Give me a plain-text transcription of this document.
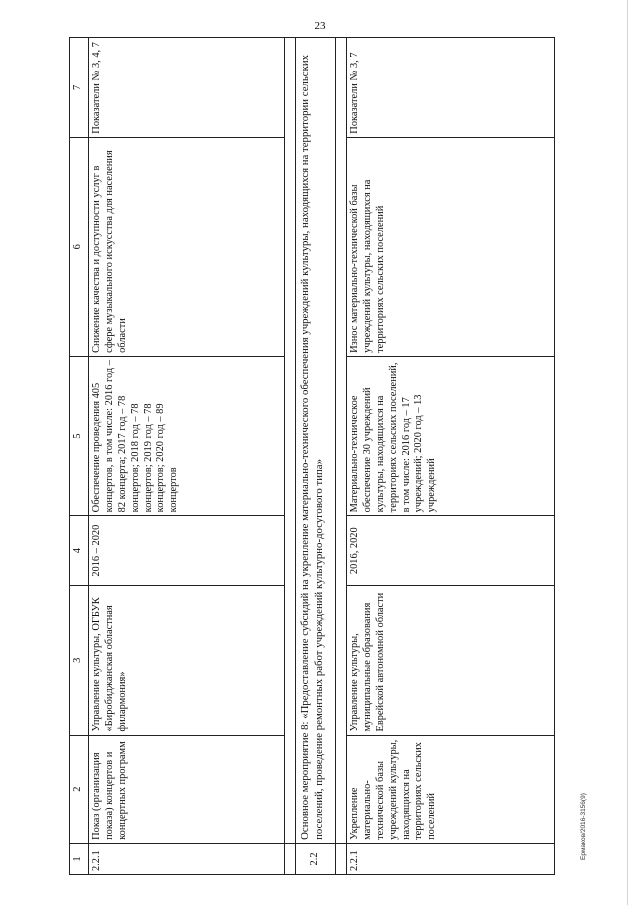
23
1	2	3	4	5	6	7
2.2.1	Показ (организация показа) концертов и концертных программ	Управление культуры, ОГБУК «Биробиджанская областная филармония»	2016 – 2020	Обеспечение проведения 405 концертов, в том числе: 2016 год – 82 концерта; 2017 год – 78 концертов; 2018 год – 78 концертов; 2019 год – 78 концертов; 2020 год – 89 концертов	Снижение качества и доступности услуг в сфере музыкального искусства для населения области	Показатели № 3, 4, 7

2.2	Основное мероприятие 8: «Предоставление субсидий на укрепление материально-технического обеспечения учреждений культуры, находящихся на территории сельских поселений, проведение ремонтных работ учреждений культурно-досугового типа»					

2.2.1	Укрепление материально-технической базы учреждений культуры, находящихся на территориях сельских поселений	Управление культуры, муниципальные образования Еврейской автономной области	2016, 2020	Материально-техническое обеспечение 30 учреждений культуры, находящихся на территориях сельских поселений, в том числе: 2016 год – 17 учреждений; 2020 год – 13 учреждений	Износ материально-технической базы учреждений культуры, находящихся на территориях сельских поселений	Показатели № 3, 7
Ермаков/2016-3156(9)
